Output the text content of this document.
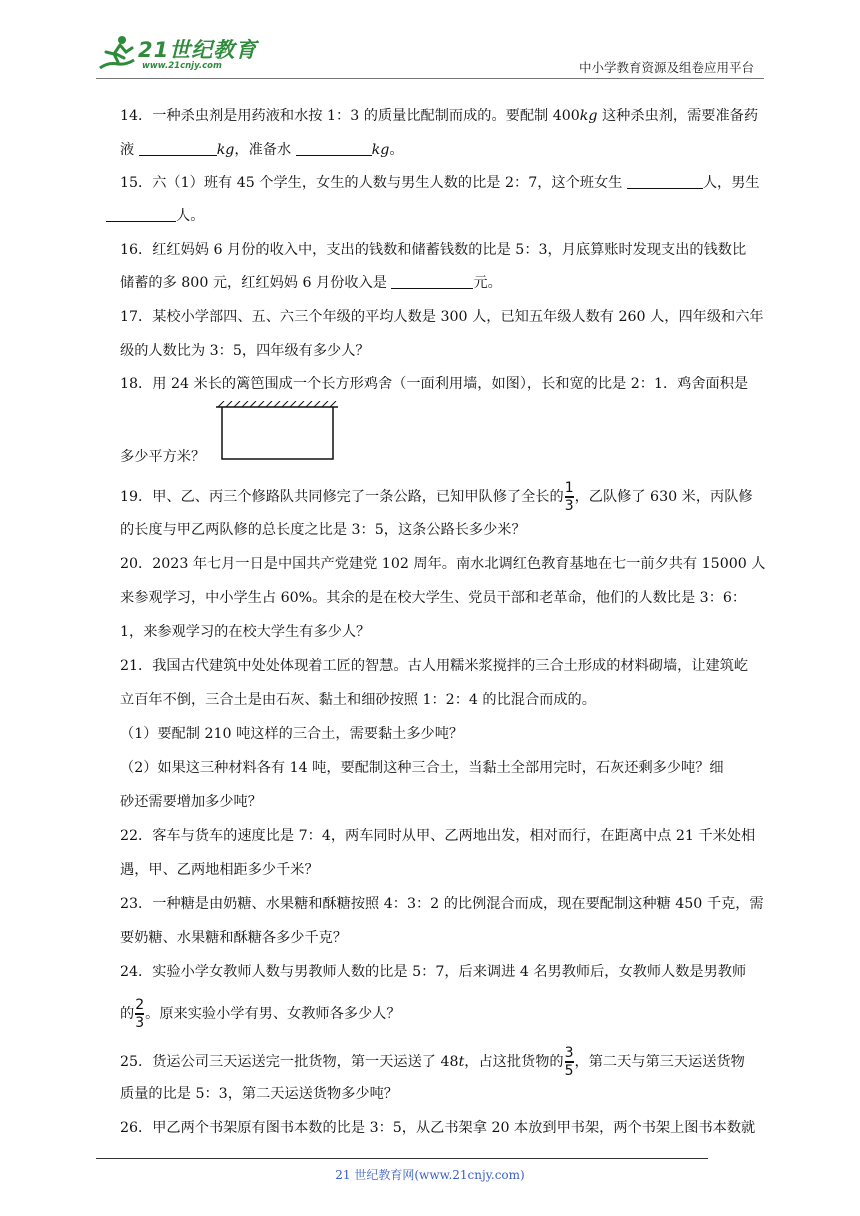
21世纪教育
www.21cnjy.com	中小学教育资源及组卷应用平台
14．一种杀虫剂是用药液和水按 1：3 的质量比配制而成的。要配制 400kg 这种杀虫剂，需要准备药
液	kg，准备水	kg。
15．六（1）班有 45 个学生，女生的人数与男生人数的比是 2：7，这个班女生	人，男生
人。
16．红红妈妈 6 月份的收入中，支出的钱数和储蓄钱数的比是 5：3，月底算账时发现支出的钱数比
储蓄的多 800 元，红红妈妈 6 月份收入是	元。
17．某校小学部四、五、六三个年级的平均人数是 300 人，已知五年级人数有 260 人，四年级和六年
级的人数比为 3：5，四年级有多少人？
18．用 24 米长的篱笆围成一个长方形鸡舍（一面利用墙，如图），长和宽的比是 2：1．鸡舍面积是
多少平方米？
19．甲、乙、丙三个修路队共同修完了一条公路，已知甲队修了全长的 $\frac{1}{3}$ ，乙队修了 630 米，丙队修
的长度与甲乙两队修的总长度之比是 3：5，这条公路长多少米？
20．2023 年七月一日是中国共产党建党 102 周年。南水北调红色教育基地在七一前夕共有 15000 人
来参观学习，中小学生占 60%。其余的是在校大学生、党员干部和老革命，他们的人数比是 3：6：
1，来参观学习的在校大学生有多少人？
21．我国古代建筑中处处体现着工匠的智慧。古人用糯米浆搅拌的三合土形成的材料砌墙，让建筑屹
立百年不倒，三合土是由石灰、黏土和细砂按照 1：2：4 的比混合而成的。
（1）要配制 210 吨这样的三合土，需要黏土多少吨？
（2）如果这三种材料各有 14 吨，要配制这种三合土，当黏土全部用完时，石灰还剩多少吨？细
砂还需要增加多少吨？
22．客车与货车的速度比是 7：4，两车同时从甲、乙两地出发，相对而行，在距离中点 21 千米处相
遇，甲、乙两地相距多少千米？
23．一种糖是由奶糖、水果糖和酥糖按照 4：3：2 的比例混合而成，现在要配制这种糖 450 千克，需
要奶糖、水果糖和酥糖各多少千克？
24．实验小学女教师人数与男教师人数的比是 5：7，后来调进 4 名男教师后，女教师人数是男教师
的 $\frac{2}{3}$ 。原来实验小学有男、女教师各多少人？
25．货运公司三天运送完一批货物，第一天运送了 48t，占这批货物的 $\frac{3}{5}$ ，第二天与第三天运送货物
质量的比是 5：3，第二天运送货物多少吨？
26．甲乙两个书架原有图书本数的比是 3：5，从乙书架拿 20 本放到甲书架，两个书架上图书本数就
21 世纪教育网(www.21cnjy.com)
